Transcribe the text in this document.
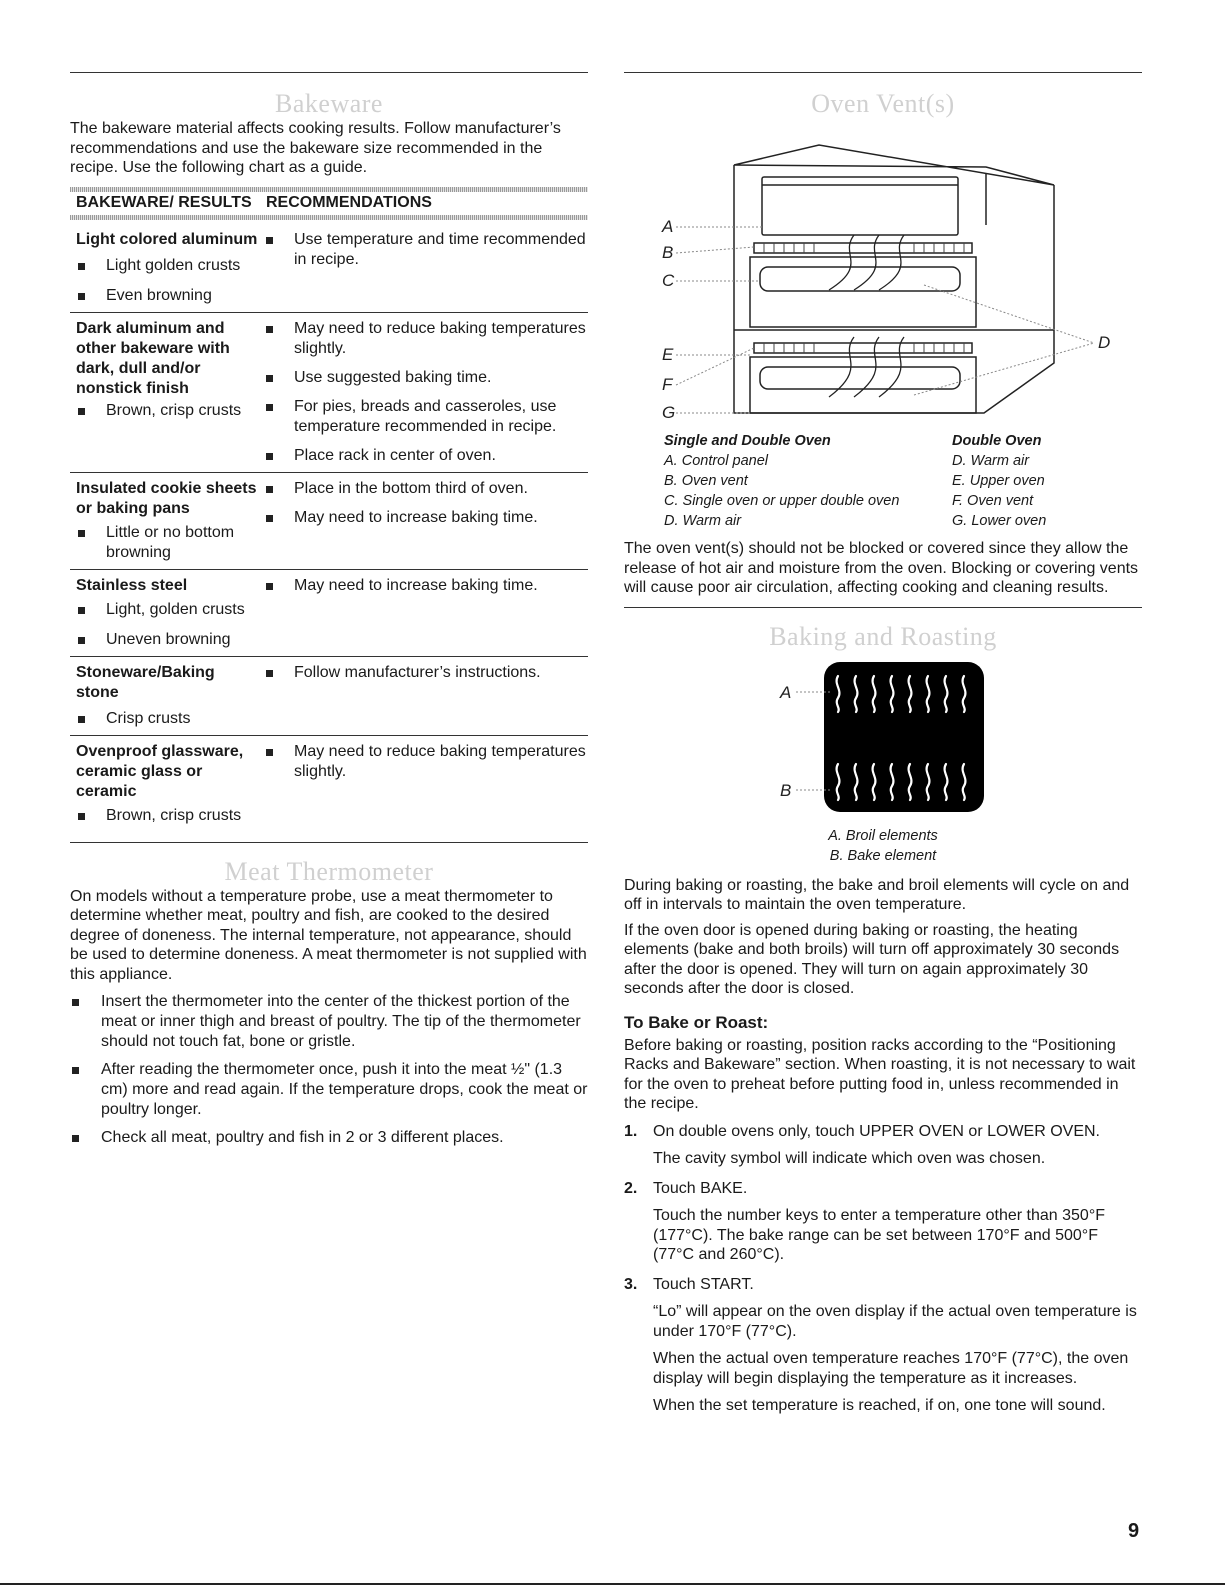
Bakeware

The bakeware material affects cooking results. Follow manufacturer’s recommendations and use the bakeware size recommended in the recipe. Use the following chart as a guide.

BAKEWARE/ RESULTS RECOMMENDATIONS
Light colored aluminum
Light golden crusts
Even browning
Use temperature and time recommended in recipe.
Dark aluminum and other bakeware with dark, dull and/or nonstick finish
Brown, crisp crusts
May need to reduce baking temperatures slightly.
Use suggested baking time.
For pies, breads and casseroles, use temperature recommended in recipe.
Place rack in center of oven.
Insulated cookie sheets or baking pans
Little or no bottom browning
Place in the bottom third of oven.
May need to increase baking time.
Stainless steel
Light, golden crusts
Uneven browning
May need to increase baking time.
Stoneware/Baking stone
Crisp crusts
Follow manufacturer’s instructions.
Ovenproof glassware, ceramic glass or ceramic
Brown, crisp crusts
May need to reduce baking temperatures slightly.
Meat Thermometer

On models without a temperature probe, use a meat thermometer to determine whether meat, poultry and fish, are cooked to the desired degree of doneness. The internal temperature, not appearance, should be used to determine doneness. A meat thermometer is not supplied with this appliance.

Insert the thermometer into the center of the thickest portion of the meat or inner thigh and breast of poultry. The tip of the thermometer should not touch fat, bone or gristle.
After reading the thermometer once, push it into the meat ½" (1.3 cm) more and read again. If the temperature drops, cook the meat or poultry longer.
Check all meat, poultry and fish in 2 or 3 different places.
Oven Vent(s)
A
B
C
D
E
F
G
Single and Double Oven
A. Control panel
B. Oven vent
C. Single oven or upper double oven
D. Warm air
Double Oven
D. Warm air
E. Upper oven
F. Oven vent
G. Lower oven

The oven vent(s) should not be blocked or covered since they allow the release of hot air and moisture from the oven. Blocking or covering vents will cause poor air circulation, affecting cooking and cleaning results.

Baking and Roasting
A
B
A. Broil elements
B. Bake element

During baking or roasting, the bake and broil elements will cycle on and off in intervals to maintain the oven temperature.

If the oven door is opened during baking or roasting, the heating elements (bake and both broils) will turn off approximately 30 seconds after the door is opened. They will turn on again approximately 30 seconds after the door is closed.

To Bake or Roast:

Before baking or roasting, position racks according to the “Positioning Racks and Bakeware” section. When roasting, it is not necessary to wait for the oven to preheat before putting food in, unless recommended in the recipe.

1. On double ovens only, touch UPPER OVEN or LOWER OVEN.
The cavity symbol will indicate which oven was chosen.
2. Touch BAKE.
Touch the number keys to enter a temperature other than 350°F (177°C). The bake range can be set between 170°F and 500°F (77°C and 260°C).
3. Touch START.
“Lo” will appear on the oven display if the actual oven temperature is under 170°F (77°C).
When the actual oven temperature reaches 170°F (77°C), the oven display will begin displaying the temperature as it increases.
When the set temperature is reached, if on, one tone will sound.
9
